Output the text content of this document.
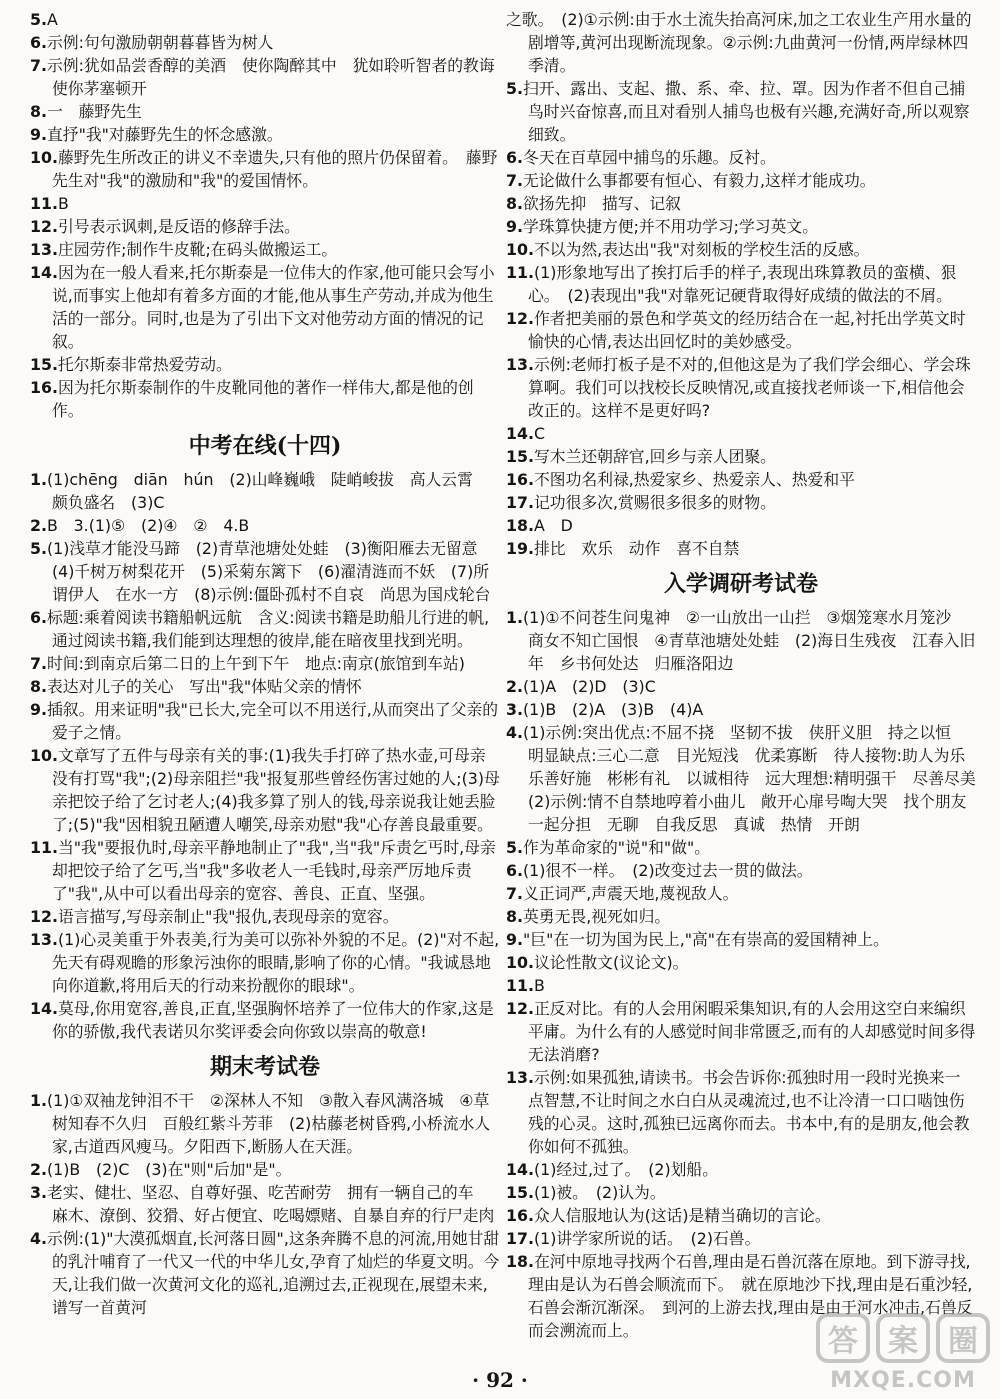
5.A
6.示例:句句激励朝朝暮暮皆为树人
7.示例:犹如品尝香醇的美酒　使你陶醉其中　犹如聆听智者的教诲　使你茅塞顿开
8.一　藤野先生
9.直抒"我"对藤野先生的怀念感激。
10.藤野先生所改正的讲义不幸遗失,只有他的照片仍保留着。　藤野先生对"我"的激励和"我"的爱国情怀。
11.B
12.引号表示讽刺,是反语的修辞手法。
13.庄园劳作;制作牛皮靴;在码头做搬运工。
14.因为在一般人看来,托尔斯泰是一位伟大的作家,他可能只会写小说,而事实上他却有着多方面的才能,他从事生产劳动,并成为他生活的一部分。同时,也是为了引出下文对他劳动方面的情况的记叙。
15.托尔斯泰非常热爱劳动。
16.因为托尔斯泰制作的牛皮靴同他的著作一样伟大,都是他的创作。
中考在线(十四)
1.(1)chēng　diān　hún　(2)山峰巍峨　陡峭峻拔　高人云霄　颇负盛名　(3)C
2.B　3.(1)⑤　(2)④　②　4.B
5.(1)浅草才能没马蹄　(2)青草池塘处处蛙　(3)衡阳雁去无留意　(4)千树万树梨花开　(5)采菊东篱下　(6)濯清涟而不妖　(7)所谓伊人　在水一方　(8)示例:僵卧孤村不自哀　尚思为国戍轮台
6.标题:乘着阅读书籍船帆远航　含义:阅读书籍是助船儿行进的帆,通过阅读书籍,我们能到达理想的彼岸,能在暗夜里找到光明。
7.时间:到南京后第二日的上午到下午　地点:南京(旅馆到车站)
8.表达对儿子的关心　写出"我"体贴父亲的情怀
9.插叙。用来证明"我"已长大,完全可以不用送行,从而突出了父亲的爱子之情。
10.文章写了五件与母亲有关的事:(1)我失手打碎了热水壶,可母亲没有打骂"我";(2)母亲阻拦"我"报复那些曾经伤害过她的人;(3)母亲把饺子给了乞讨老人;(4)我多算了别人的钱,母亲说我让她丢脸了;(5)"我"因相貌丑陋遭人嘲笑,母亲劝慰"我"心存善良最重要。
11.当"我"要报仇时,母亲平静地制止了"我",当"我"斥责乞丐时,母亲却把饺子给了乞丐,当"我"多收老人一毛钱时,母亲严厉地斥责了"我",从中可以看出母亲的宽容、善良、正直、坚强。
12.语言描写,写母亲制止"我"报仇,表现母亲的宽容。
13.(1)心灵美重于外表美,行为美可以弥补外貌的不足。(2)"对不起,先天有碍观瞻的形象污浊你的眼睛,影响了你的心情。"我诚恳地向你道歉,将用后天的行动来扮靓你的眼球"。
14.莫母,你用宽容,善良,正直,坚强胸怀培养了一位伟大的作家,这是你的骄傲,我代表诺贝尔奖评委会向你致以崇高的敬意!
期末考试卷
1.(1)①双袖龙钟泪不干　②深林人不知　③散入春风满洛城　④草树知春不久归　百般红紫斗芳菲　(2)枯藤老树昏鸦,小桥流水人家,古道西风瘦马。夕阳西下,断肠人在天涯。
2.(1)B　(2)C　(3)在"则"后加"是"。
3.老实、健壮、坚忍、自尊好强、吃苦耐劳　拥有一辆自己的车　麻木、潦倒、狡猾、好占便宜、吃喝嫖赌、自暴自弃的行尸走肉
4.示例:(1)"大漠孤烟直,长河落日圆",这条奔腾不息的河流,用她甘甜的乳汁哺育了一代又一代的中华儿女,孕育了灿烂的华夏文明。今天,让我们做一次黄河文化的巡礼,追溯过去,正视现在,展望未来,谱写一首黄河
之歌。　(2)①示例:由于水土流失抬高河床,加之工农业生产用水量的剧增等,黄河出现断流现象。②示例:九曲黄河一份情,两岸绿林四季清。
5.扫开、露出、支起、撒、系、牵、拉、罩。因为作者不但自己捕鸟时兴奋惊喜,而且对看别人捕鸟也极有兴趣,充满好奇,所以观察细致。
6.冬天在百草园中捕鸟的乐趣。反衬。
7.无论做什么事都要有恒心、有毅力,这样才能成功。
8.欲扬先抑　描写、记叙
9.学珠算快捷方便;并不用功学习;学习英文。
10.不以为然,表达出"我"对刻板的学校生活的反感。
11.(1)形象地写出了挨打后手的样子,表现出珠算教员的蛮横、狠心。　(2)表现出"我"对靠死记硬背取得好成绩的做法的不屑。
12.作者把美丽的景色和学英文的经历结合在一起,衬托出学英文时愉快的心情,表达出回忆时的美妙感受。
13.示例:老师打板子是不对的,但他这是为了我们学会细心、学会珠算啊。我们可以找校长反映情况,或直接找老师谈一下,相信他会改正的。这样不是更好吗?
14.C
15.写木兰还朝辞官,回乡与亲人团聚。
16.不图功名利禄,热爱家乡、热爱亲人、热爱和平
17.记功很多次,赏赐很多很多的财物。
18.A　D
19.排比　欢乐　动作　喜不自禁
入学调研考试卷
1.(1)①不问苍生问鬼神　②一山放出一山拦　③烟笼寒水月笼沙　商女不知亡国恨　④青草池塘处处蛙　(2)海日生残夜　江春入旧年　乡书何处达　归雁洛阳边
2.(1)A　(2)D　(3)C
3.(1)B　(2)A　(3)B　(4)A
4.(1)示例:突出优点:不屈不挠　坚韧不拔　侠肝义胆　持之以恒　明显缺点:三心二意　目光短浅　优柔寡断　待人接物:助人为乐　乐善好施　彬彬有礼　以诚相待　远大理想:精明强干　尽善尽美　(2)示例:情不自禁地哼着小曲儿　敞开心扉号啕大哭　找个朋友一起分担　无聊　自我反思　真诚　热情　开朗
5.作为革命家的"说"和"做"。
6.(1)很不一样。　(2)改变过去一贯的做法。
7.义正词严,声震天地,蔑视敌人。
8.英勇无畏,视死如归。
9."巨"在一切为国为民上,"高"在有崇高的爱国精神上。
10.议论性散文(议论文)。
11.B
12.正反对比。有的人会用闲暇采集知识,有的人会用这空白来编织平庸。为什么有的人感觉时间非常匮乏,而有的人却感觉时间多得无法消磨?
13.示例:如果孤独,请读书。书会告诉你:孤独时用一段时光换来一点智慧,不让时间之水白白从灵魂流过,也不让冷清一口口啮蚀伤残的心灵。这时,孤独已远离你而去。书本中,有的是朋友,他会教你如何不孤独。
14.(1)经过,过了。　(2)划船。
15.(1)被。　(2)认为。
16.众人信服地认为(这话)是精当确切的言论。
17.(1)讲学家所说的话。　(2)石兽。
18.在河中原地寻找两个石兽,理由是石兽沉落在原地。到下游寻找,理由是认为石兽会顺流而下。　就在原地沙下找,理由是石重沙轻,石兽会渐沉渐深。　到河的上游去找,理由是由于河水冲击,石兽反而会溯流而上。
· 92 ·
答 案 圈
MXQE.COM
